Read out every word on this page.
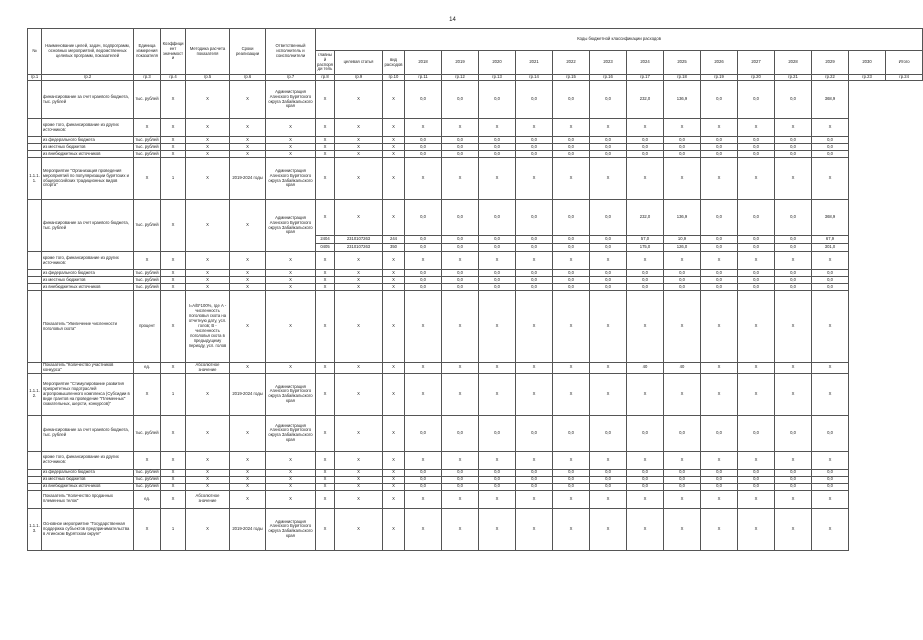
14
№	Наименование целей, задач, подпрограмм, основных мероприятий, ведомственных целевых программ, показателей	Единица измерения показателя	Коэффици ент значимости	Методика расчета показателя	Сроки реализации	Ответственный исполнитель и соисполнители	Коды бюджетной классификации расходов																
							главный распоряди тель	целевая статья	вид расходов	2018	2019	2020	2021	2022	2023	2024	2025	2026	2027	2028	2029	2030	Итого
гр.1	гр.2	гр.3	гр.4	гр.5	гр.6	гр.7	гр.8	гр.9	гр.10	гр.11	гр.12	гр.13	гр.14	гр.15	гр.16	гр.17	гр.18	гр.19	гр.20	гр.21	гр.22	гр.23	гр.24
	финансирование за счет краевого бюджета, тыс. рублей	тыс. рублей	Х	Х	Х	Администрация Агинского Бурятского округа Забайкальского края	Х	Х	Х	0,0	0,0	0,0	0,0	0,0	0,0	232,0	136,9	0,0	0,0	0,0	368,9		
	кроме того, финансирование из других источников:	Х	Х	Х	Х	Х	Х	Х	Х	Х	Х	Х	Х	Х	Х	Х	Х	Х	Х	Х	Х		
	из федерального бюджета	тыс. рублей	Х	Х	Х	Х	Х	Х	Х	0,0	0,0	0,0	0,0	0,0	0,0	0,0	0,0	0,0	0,0	0,0	0,0		
	из местных бюджетов	тыс. рублей	Х	Х	Х	Х	Х	Х	Х	0,0	0,0	0,0	0,0	0,0	0,0	0,0	0,0	0,0	0,0	0,0	0,0		
	из внебюджетных источников	тыс. рублей	Х	Х	Х	Х	Х	Х	Х	0,0	0,0	0,0	0,0	0,0	0,0	0,0	0,0	0,0	0,0	0,0	0,0		
1.1.1.1.	Мероприятие "Организация проведения мероприятий по популяризации бурятских и общероссийских традиционных видов спорта"	Х	1	Х	2019-2024 годы	Администрация Агинского Бурятского округа Забайкальского края	Х	Х	Х	Х	Х	Х	Х	Х	Х	Х	Х	Х	Х	Х	Х		
	финансирование за счет краевого бюджета, тыс. рублей	тыс. рублей	Х	Х	Х	Администрация Агинского Бурятского округа Забайкальского края	Х	Х	Х	0,0	0,0	0,0	0,0	0,0	0,0	232,0	136,9	0,0	0,0	0,0	368,9		
							2404	2310107263	244	0,0	0,0	0,0	0,0	0,0	0,0	57,0	10,9	0,0	0,0	0,0	67,9		
							0405	2310107263	350	0,0	0,0	0,0	0,0	0,0	0,0	175,0	126,0	0,0	0,0	0,0	301,0		
	кроме того, финансирование из других источников:	Х	Х	Х	Х	Х	Х	Х	Х	Х	Х	Х	Х	Х	Х	Х	Х	Х	Х	Х	Х		
	из федерального бюджета	тыс. рублей	Х	Х	Х	Х	Х	Х	Х	0,0	0,0	0,0	0,0	0,0	0,0	0,0	0,0	0,0	0,0	0,0	0,0		
	из местных бюджетов	тыс. рублей	Х	Х	Х	Х	Х	Х	Х	0,0	0,0	0,0	0,0	0,0	0,0	0,0	0,0	0,0	0,0	0,0	0,0		
	из внебюджетных источников	тыс. рублей	Х	Х	Х	Х	Х	Х	Х	0,0	0,0	0,0	0,0	0,0	0,0	0,0	0,0	0,0	0,0	0,0	0,0		
	Показатель "Увеличение численности поголовья скота"	процент	Х	I=A/B*100%, где А - численность поголовья скота на отчетную дату, усл. голов; В - численность поголовья скота в предыдущему периоду, усл. голов	Х	Х	Х	Х	Х	Х	Х	Х	Х	Х	Х	Х	Х	Х	Х	Х	Х		
	Показатель "Количество участников конкурса"	ед.	Х	Абсолютное значение	Х	Х	Х	Х	Х	Х	Х	Х	Х	Х	Х	40	40	Х	Х	Х	Х		
1.1.1.2.	Мероприятие "Стимулирование развития приоритетных подотраслей агропромышленного комплекса (Субсидии в виде грантов на проведение "Племенных" скакательных, шерсти, конкурсов)"	Х	1	Х	2019-2024 годы	Администрация Агинского Бурятского округа Забайкальского края	Х	Х	Х	Х	Х	Х	Х	Х	Х	Х	Х	Х	Х	Х	Х		
	финансирование за счет краевого бюджета, тыс. рублей	тыс. рублей	Х	Х	Х	Администрация Агинского Бурятского округа Забайкальского края	Х	Х	Х	0,0	0,0	0,0	0,0	0,0	0,0	0,0	0,0	0,0	0,0	0,0	0,0		
	кроме того, финансирование из других источников:	Х	Х	Х	Х	Х	Х	Х	Х	Х	Х	Х	Х	Х	Х	Х	Х	Х	Х	Х	Х		
	из федерального бюджета	тыс. рублей	Х	Х	Х	Х	Х	Х	Х	0,0	0,0	0,0	0,0	0,0	0,0	0,0	0,0	0,0	0,0	0,0	0,0		
	из местных бюджетов	тыс. рублей	Х	Х	Х	Х	Х	Х	Х	0,0	0,0	0,0	0,0	0,0	0,0	0,0	0,0	0,0	0,0	0,0	0,0		
	из внебюджетных источников	тыс. рублей	Х	Х	Х	Х	Х	Х	Х	0,0	0,0	0,0	0,0	0,0	0,0	0,0	0,0	0,0	0,0	0,0	0,0		
	Показатель "Количество проданных племенных телок"	ед.	Х	Абсолютное значение	Х	Х	Х	Х	Х	Х	Х	Х	Х	Х	Х	Х	Х	Х	Х	Х	Х		
1.1.1.3.	Основное мероприятие "Государственная поддержка субъектов предпринимательства в Агинском Бурятском округе"	Х	1	Х	2019-2024 годы	Администрация Агинского Бурятского округа Забайкальского края	Х	Х	Х	Х	Х	Х	Х	Х	Х	Х	Х	Х	Х	Х	Х		
